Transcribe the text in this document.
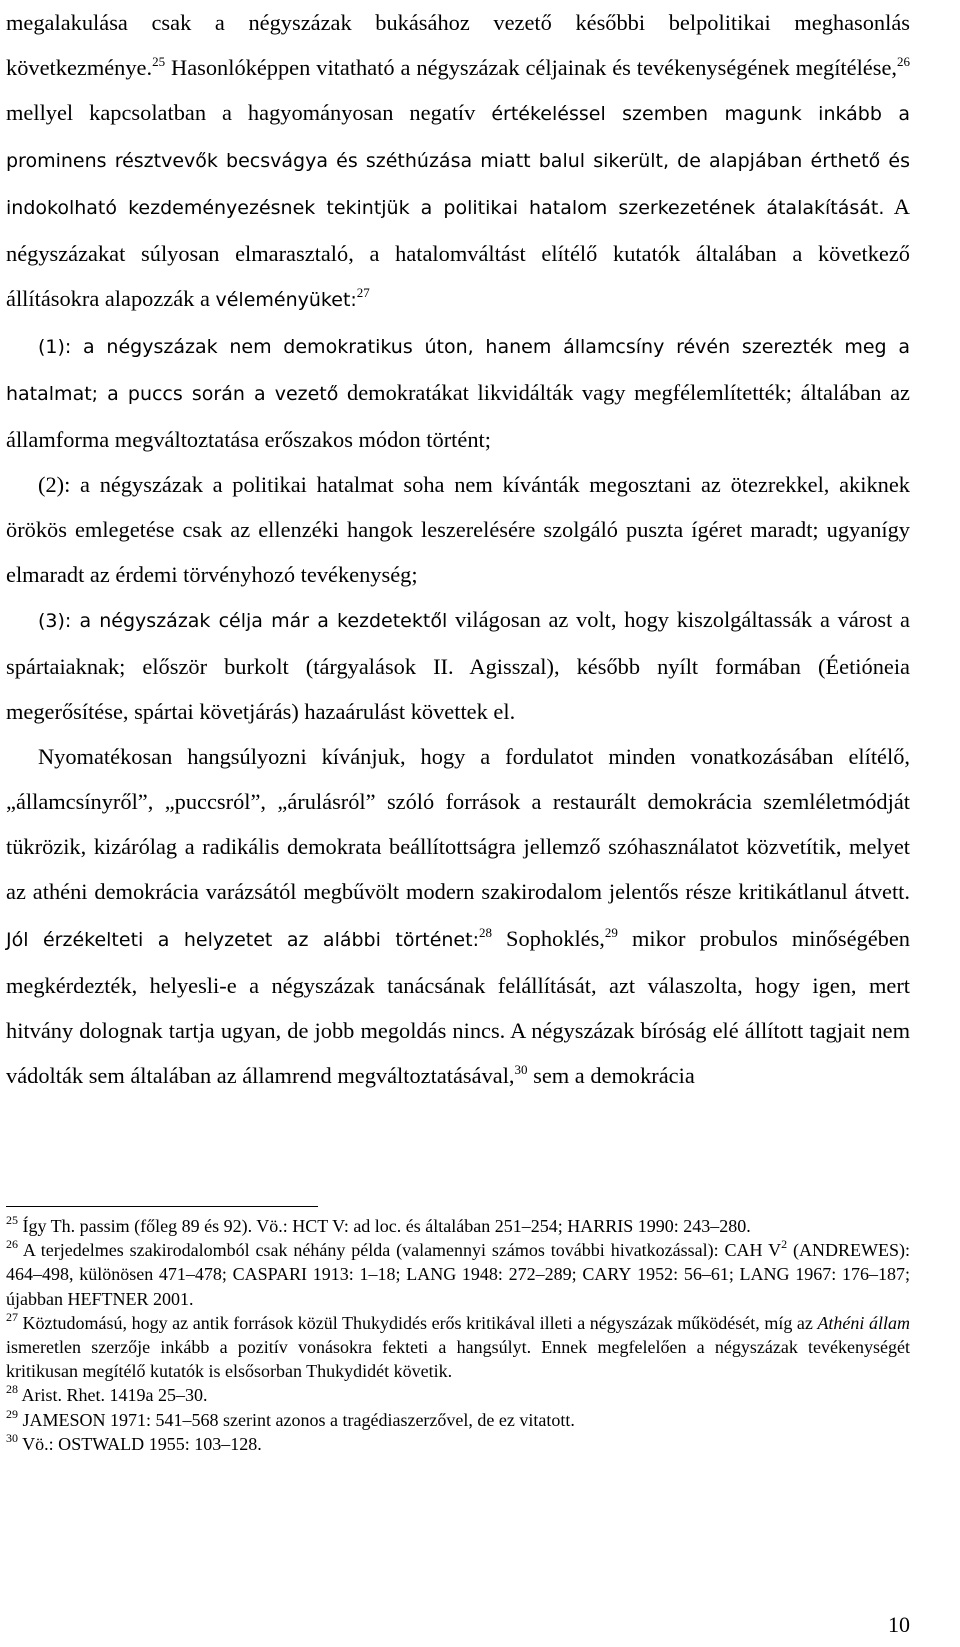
megalakulása csak a négyszázak bukásához vezető későbbi belpolitikai meghasonlás következménye.$^{25}$ Hasonlóképpen vitatható a négyszázak céljainak és tevékenységének megítélése,$^{26}$ mellyel kapcsolatban a hagyományosan negatív értékeléssel szemben magunk inkább a prominens résztvevők becsvágya és széthúzása miatt balul sikerült, de alapjában érthető és indokolható kezdeményezésnek tekintjük a politikai hatalom szerkezetének átalakítását. A négyszázakat súlyosan elmarasztaló, a hatalomváltást elítélő kutatók általában a következő állításokra alapozzák a véleményüket:$^{27}$

(1): a négyszázak nem demokratikus úton, hanem államcsíny révén szerezték meg a hatalmat; a puccs során a vezető demokratákat likvidálták vagy megfélemlítették; általában az államforma megváltoztatása erőszakos módon történt;

(2): a négyszázak a politikai hatalmat soha nem kívánták megosztani az ötezrekkel, akiknek örökös emlegetése csak az ellenzéki hangok leszerelésére szolgáló puszta ígéret maradt; ugyanígy elmaradt az érdemi törvényhozó tevékenység;

(3): a négyszázak célja már a kezdetektől világosan az volt, hogy kiszolgáltassák a várost a spártaiaknak; először burkolt (tárgyalások II. Agisszal), később nyílt formában (Éetióneia megerősítése, spártai követjárás) hazaárulást követtek el.

Nyomatékosan hangsúlyozni kívánjuk, hogy a fordulatot minden vonatkozásában elítélő, „államcsínyről”, „puccsról”, „árulásról” szóló források a restaurált demokrácia szemléletmódját tükrözik, kizárólag a radikális demokrata beállítottságra jellemző szóhasználatot közvetítik, melyet az athéni demokrácia varázsától megbűvölt modern szakirodalom jelentős része kritikátlanul átvett. Jól érzékelteti a helyzetet az alábbi történet:$^{28}$ Sophoklés,$^{29}$ mikor probulos minőségében megkérdezték, helyesli-e a négyszázak tanácsának felállítását, azt válaszolta, hogy igen, mert hitvány dolognak tartja ugyan, de jobb megoldás nincs. A négyszázak bíróság elé állított tagjait nem vádolták sem általában az államrend megváltoztatásával,$^{30}$ sem a demokrácia

$^{25}$ Így Th. passim (főleg 89 és 92). Vö.: HCT V: ad loc. és általában 251–254; HARRIS 1990: 243–280.

$^{26}$ A terjedelmes szakirodalomból csak néhány példa (valamennyi számos további hivatkozással): CAH $V^2$ (ANDREWES): 464–498, különösen 471–478; CASPARI 1913: 1–18; LANG 1948: 272–289; CARY 1952: 56–61; LANG 1967: 176–187; újabban HEFTNER 2001.

$^{27}$ Köztudomású, hogy az antik források közül Thukydidés erős kritikával illeti a négyszázak működését, míg az Athéni állam ismeretlen szerzője inkább a pozitív vonásokra fekteti a hangsúlyt. Ennek megfelelően a négyszázak tevékenységét kritikusan megítélő kutatók is elsősorban Thukydidét követik.

$^{28}$ Arist. Rhet. 1419a 25–30.

$^{29}$ JAMESON 1971: 541–568 szerint azonos a tragédiaszerzővel, de ez vitatott.

$^{30}$ Vö.: OSTWALD 1955: 103–128.

10
